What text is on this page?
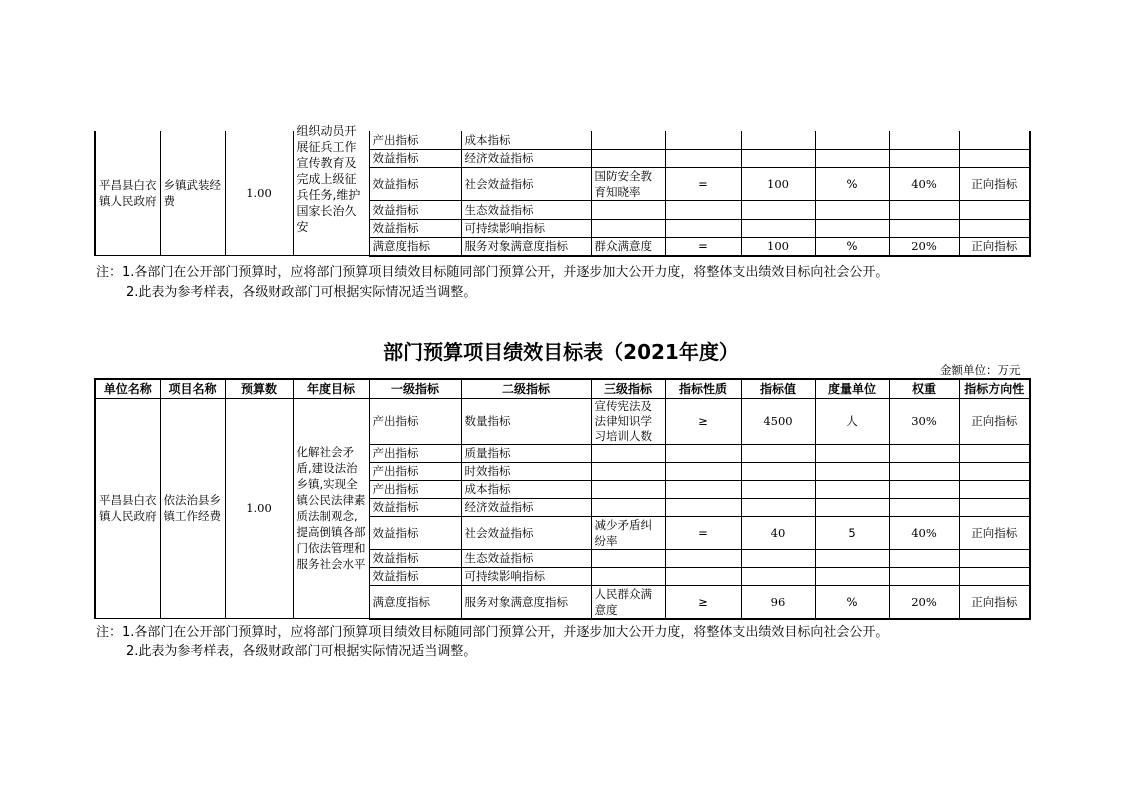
平昌县白衣镇人民政府	乡镇武装经费	1.00	组织动员开展征兵工作宣传教育及完成上级征兵任务,维护国家长治久安	产出指标	成本指标						
				效益指标	经济效益指标						
				效益指标	社会效益指标	国防安全教育知晓率	=	100	%	40%	正向指标
				效益指标	生态效益指标						
				效益指标	可持续影响指标						
				满意度指标	服务对象满意度指标	群众满意度	=	100	%	20%	正向指标
注：1.各部门在公开部门预算时，应将部门预算项目绩效目标随同部门预算公开，并逐步加大公开力度，将整体支出绩效目标向社会公开。
2.此表为参考样表，各级财政部门可根据实际情况适当调整。
部门预算项目绩效目标表（2021年度）
金额单位：万元
单位名称	项目名称	预算数	年度目标	一级指标	二级指标	三级指标	指标性质	指标值	度量单位	权重	指标方向性
平昌县白衣镇人民政府	依法治县乡镇工作经费	1.00	化解社会矛盾,建设法治乡镇,实现全镇公民法律素质法制观念,提高倒镇各部门依法管理和服务社会水平	产出指标	数量指标	宣传宪法及法律知识学习培训人数	≥	4500	人	30%	正向指标
				产出指标	质量指标						
				产出指标	时效指标						
				产出指标	成本指标						
				效益指标	经济效益指标						
				效益指标	社会效益指标	减少矛盾纠纷率	=	40	5	40%	正向指标
				效益指标	生态效益指标						
				效益指标	可持续影响指标						
				满意度指标	服务对象满意度指标	人民群众满意度	≥	96	%	20%	正向指标
注：1.各部门在公开部门预算时，应将部门预算项目绩效目标随同部门预算公开，并逐步加大公开力度，将整体支出绩效目标向社会公开。
2.此表为参考样表，各级财政部门可根据实际情况适当调整。
